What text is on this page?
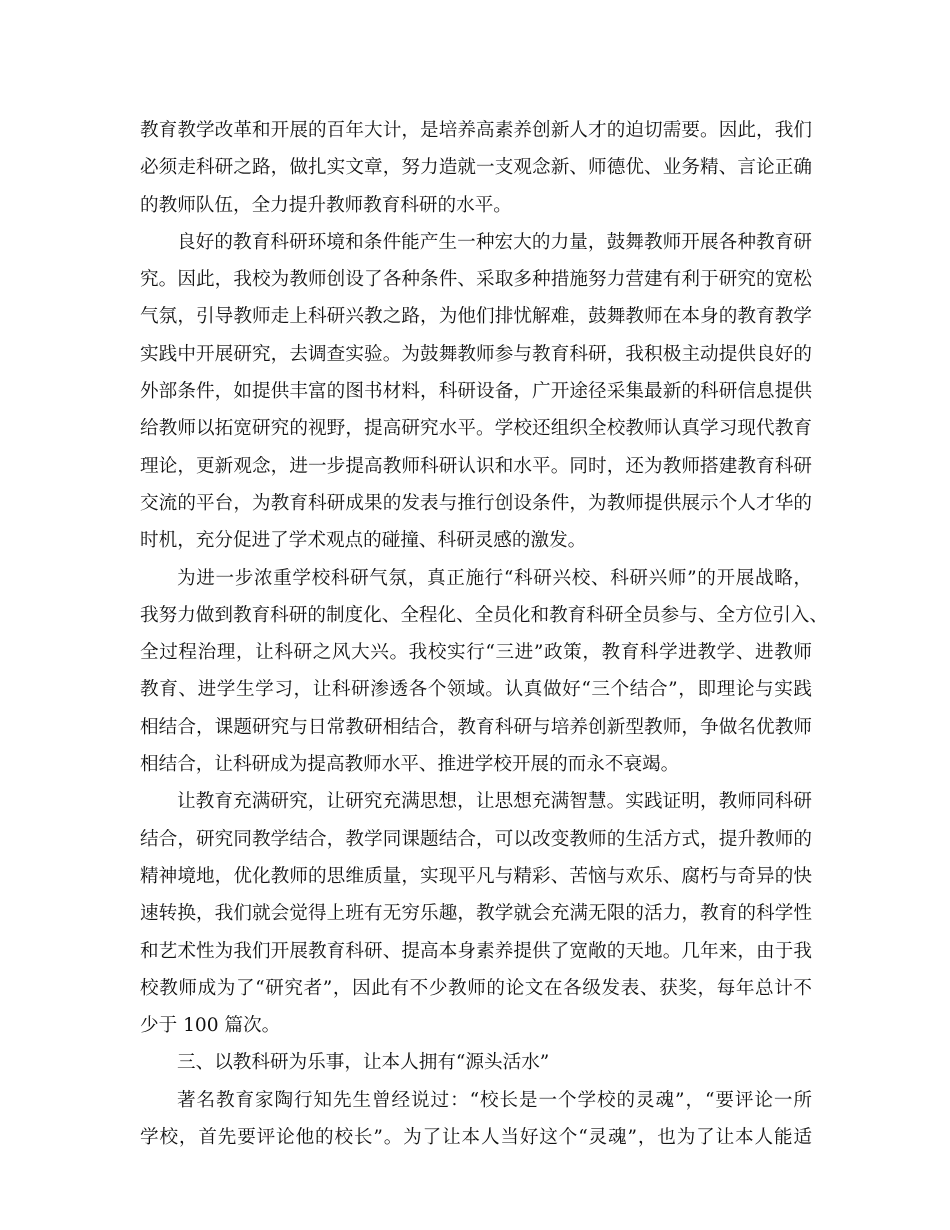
教育教学改革和开展的百年大计，是培养高素养创新人才的迫切需要。因此，我们
必须走科研之路，做扎实文章，努力造就一支观念新、师德优、业务精、言论正确
的教师队伍，全力提升教师教育科研的水平。
良好的教育科研环境和条件能产生一种宏大的力量，鼓舞教师开展各种教育研
究。因此，我校为教师创设了各种条件、采取多种措施努力营建有利于研究的宽松
气氛，引导教师走上科研兴教之路，为他们排忧解难，鼓舞教师在本身的教育教学
实践中开展研究，去调查实验。为鼓舞教师参与教育科研，我积极主动提供良好的
外部条件，如提供丰富的图书材料，科研设备，广开途径采集最新的科研信息提供
给教师以拓宽研究的视野，提高研究水平。学校还组织全校教师认真学习现代教育
理论，更新观念，进一步提高教师科研认识和水平。同时，还为教师搭建教育科研
交流的平台，为教育科研成果的发表与推行创设条件，为教师提供展示个人才华的
时机，充分促进了学术观点的碰撞、科研灵感的激发。
为进一步浓重学校科研气氛，真正施行“科研兴校、科研兴师”的开展战略，
我努力做到教育科研的制度化、全程化、全员化和教育科研全员参与、全方位引入、
全过程治理，让科研之风大兴。我校实行“三进”政策，教育科学进教学、进教师
教育、进学生学习，让科研渗透各个领域。认真做好“三个结合”，即理论与实践
相结合，课题研究与日常教研相结合，教育科研与培养创新型教师，争做名优教师
相结合，让科研成为提高教师水平、推进学校开展的而永不衰竭。
让教育充满研究，让研究充满思想，让思想充满智慧。实践证明，教师同科研
结合，研究同教学结合，教学同课题结合，可以改变教师的生活方式，提升教师的
精神境地，优化教师的思维质量，实现平凡与精彩、苦恼与欢乐、腐朽与奇异的快
速转换，我们就会觉得上班有无穷乐趣，教学就会充满无限的活力，教育的科学性
和艺术性为我们开展教育科研、提高本身素养提供了宽敞的天地。几年来，由于我
校教师成为了“研究者”，因此有不少教师的论文在各级发表、获奖，每年总计不
少于 100 篇次。
三、以教科研为乐事，让本人拥有“源头活水”
著名教育家陶行知先生曾经说过：“校长是一个学校的灵魂”，“要评论一所
学校，首先要评论他的校长”。为了让本人当好这个“灵魂”，也为了让本人能适
